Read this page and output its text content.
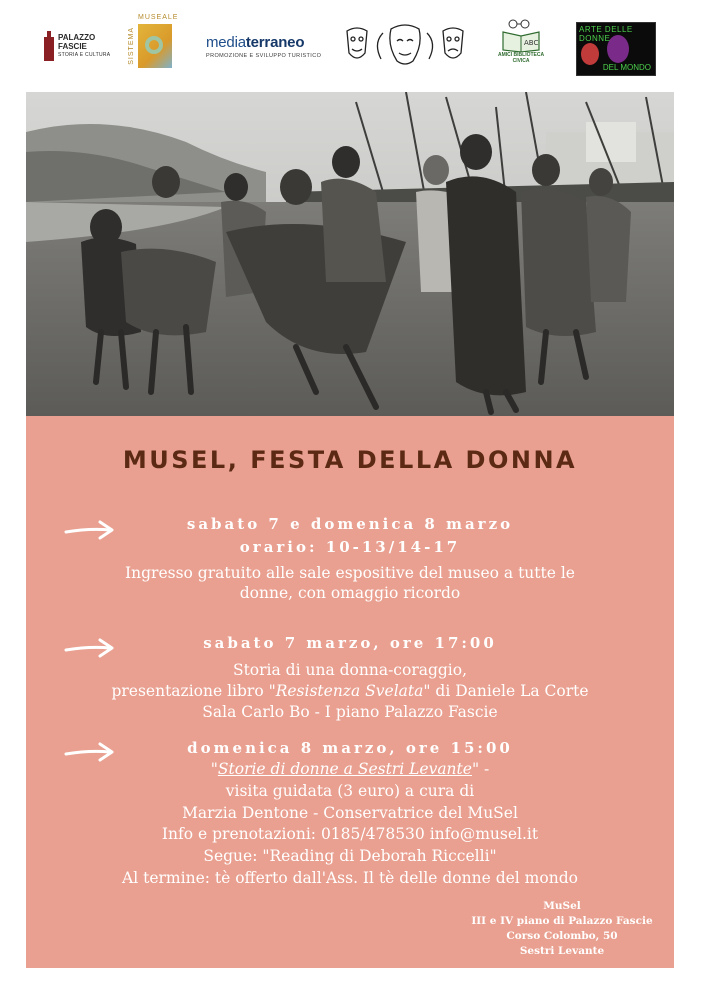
PALAZZO
FASCIE
STORIA E CULTURA	SISTEMA
MUSEALE
mediaterraneo
PROMOZIONE E SVILUPPO TURISTICO
ABC
AMICI BIBLIOTECA
CIVICA
ARTE DELLE DONNE
DEL MONDO
MUSEL, FESTA DELLA DONNA
sabato 7 e domenica 8 marzo
orario: 10-13/14-17
Ingresso gratuito alle sale espositive del museo a tutte le
donne, con omaggio ricordo
sabato 7 marzo, ore 17:00
Storia di una donna-coraggio,
presentazione libro "Resistenza Svelata" di Daniele La Corte
Sala Carlo Bo - I piano Palazzo Fascie
domenica 8 marzo, ore 15:00
"Storie di donne a Sestri Levante" -
visita guidata (3 euro) a cura di
Marzia Dentone - Conservatrice del MuSel
Info e prenotazioni: 0185/478530 info@musel.it
Segue: "Reading di Deborah Riccelli"
Al termine: tè offerto dall'Ass. Il tè delle donne del mondo
MuSel
III e IV piano di Palazzo Fascie
Corso Colombo, 50
Sestri Levante
